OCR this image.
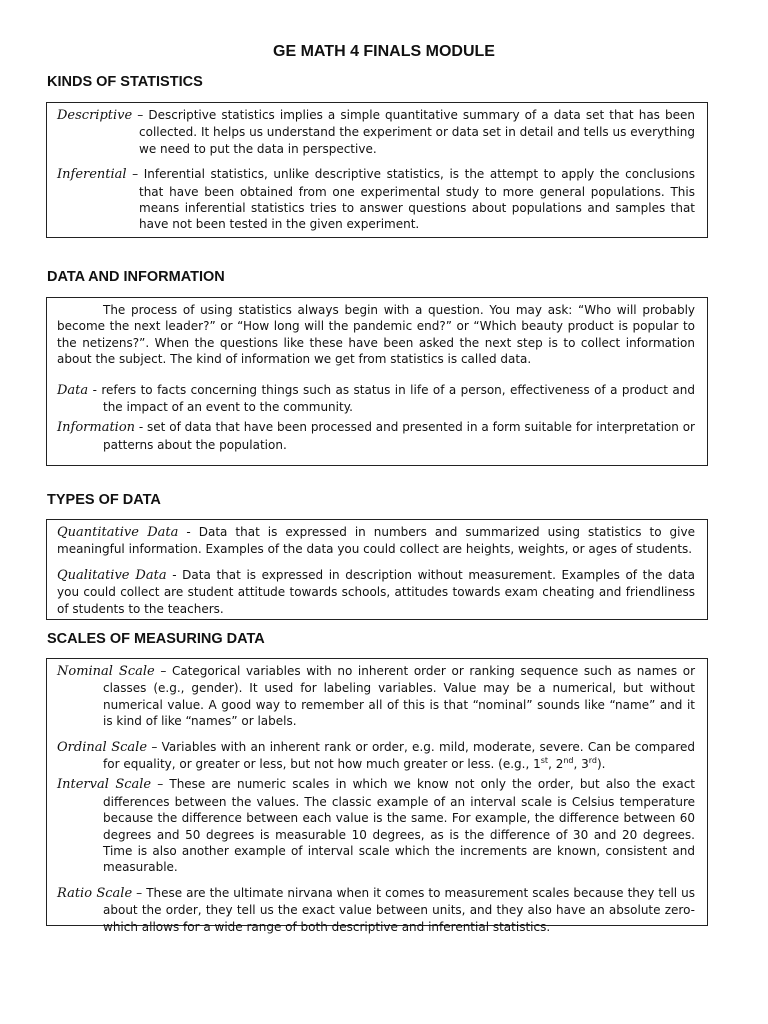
GE MATH 4 FINALS MODULE
KINDS OF STATISTICS

Descriptive – Descriptive statistics implies a simple quantitative summary of a data set that has been collected. It helps us understand the experiment or data set in detail and tells us everything we need to put the data in perspective.

Inferential – Inferential statistics, unlike descriptive statistics, is the attempt to apply the conclusions that have been obtained from one experimental study to more general populations. This means inferential statistics tries to answer questions about populations and samples that have not been tested in the given experiment.

DATA AND INFORMATION

The process of using statistics always begin with a question. You may ask: “Who will probably become the next leader?” or “How long will the pandemic end?” or “Which beauty product is popular to the netizens?”. When the questions like these have been asked the next step is to collect information about the subject. The kind of information we get from statistics is called data.

Data - refers to facts concerning things such as status in life of a person, effectiveness of a product and the impact of an event to the community.

Information - set of data that have been processed and presented in a form suitable for interpretation or patterns about the population.

TYPES OF DATA

Quantitative Data - Data that is expressed in numbers and summarized using statistics to give meaningful information. Examples of the data you could collect are heights, weights, or ages of students.

Qualitative Data - Data that is expressed in description without measurement. Examples of the data you could collect are student attitude towards schools, attitudes towards exam cheating and friendliness of students to the teachers.

SCALES OF MEASURING DATA

Nominal Scale – Categorical variables with no inherent order or ranking sequence such as names or classes (e.g., gender). It used for labeling variables. Value may be a numerical, but without numerical value. A good way to remember all of this is that “nominal” sounds like “name” and it is kind of like “names” or labels.

Ordinal Scale – Variables with an inherent rank or order, e.g. mild, moderate, severe. Can be compared for equality, or greater or less, but not how much greater or less. (e.g., 1st, 2nd, 3rd).

Interval Scale – These are numeric scales in which we know not only the order, but also the exact differences between the values. The classic example of an interval scale is Celsius temperature because the difference between each value is the same. For example, the difference between 60 degrees and 50 degrees is measurable 10 degrees, as is the difference of 30 and 20 degrees. Time is also another example of interval scale which the increments are known, consistent and measurable.

Ratio Scale – These are the ultimate nirvana when it comes to measurement scales because they tell us about the order, they tell us the exact value between units, and they also have an absolute zero-which allows for a wide range of both descriptive and inferential statistics.
